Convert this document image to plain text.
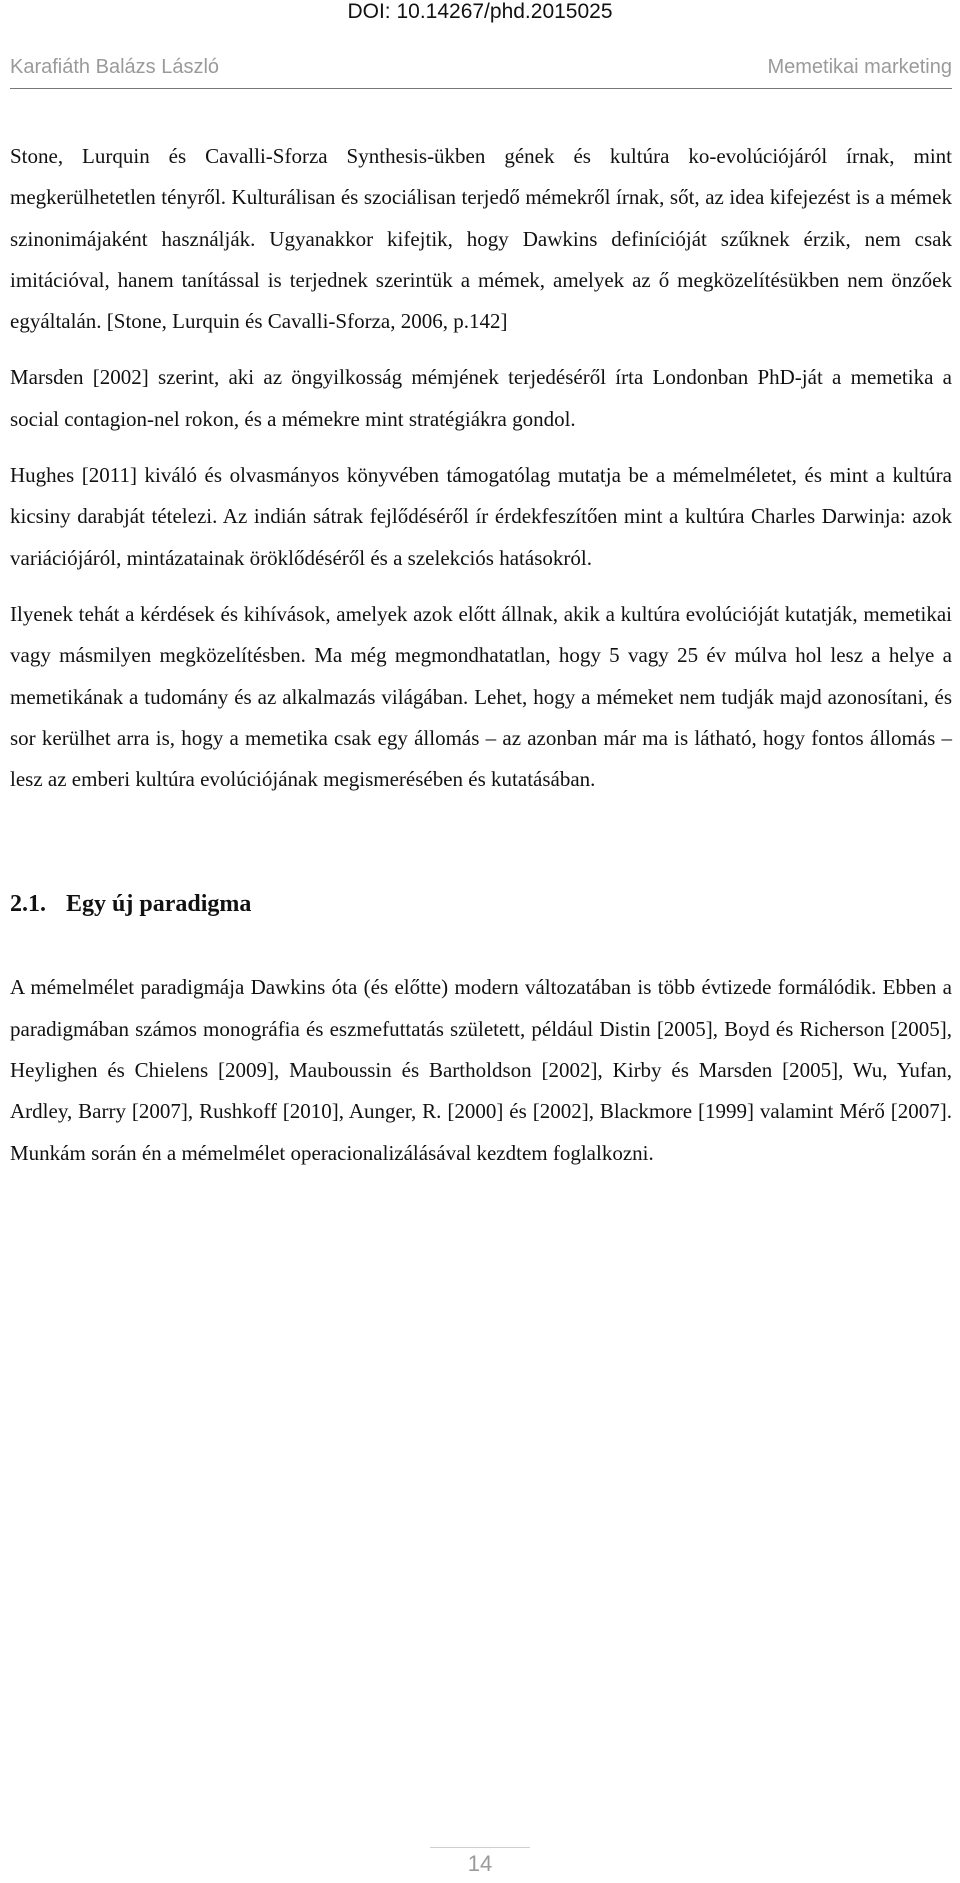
DOI: 10.14267/phd.2015025
Karafiáth Balázs László	Memetikai marketing

Stone, Lurquin és Cavalli-Sforza Synthesis-ükben gének és kultúra ko-evolúciójáról írnak, mint megkerülhetetlen tényről. Kulturálisan és szociálisan terjedő mémekről írnak, sőt, az idea kifejezést is a mémek szinonimájaként használják. Ugyanakkor kifejtik, hogy Dawkins definícióját szűknek érzik, nem csak imitációval, hanem tanítással is terjednek szerintük a mémek, amelyek az ő megközelítésükben nem önzőek egyáltalán. [Stone, Lurquin és Cavalli-Sforza, 2006, p.142]

Marsden [2002] szerint, aki az öngyilkosság mémjének terjedéséről írta Londonban PhD-ját a memetika a social contagion-nel rokon, és a mémekre mint stratégiákra gondol.

Hughes [2011] kiváló és olvasmányos könyvében támogatólag mutatja be a mémelméletet, és mint a kultúra kicsiny darabját tételezi. Az indián sátrak fejlődéséről ír érdekfeszítően mint a kultúra Charles Darwinja: azok variációjáról, mintázatainak öröklődéséről és a szelekciós hatásokról.

Ilyenek tehát a kérdések és kihívások, amelyek azok előtt állnak, akik a kultúra evolúcióját kutatják, memetikai vagy másmilyen megközelítésben. Ma még megmondhatatlan, hogy 5 vagy 25 év múlva hol lesz a helye a memetikának a tudomány és az alkalmazás világában. Lehet, hogy a mémeket nem tudják majd azonosítani, és sor kerülhet arra is, hogy a memetika csak egy állomás – az azonban már ma is látható, hogy fontos állomás – lesz az emberi kultúra evolúciójának megismerésében és kutatásában.

2.1. Egy új paradigma

A mémelmélet paradigmája Dawkins óta (és előtte) modern változatában is több évtizede formálódik. Ebben a paradigmában számos monográfia és eszmefuttatás született, például Distin [2005], Boyd és Richerson [2005], Heylighen és Chielens [2009], Mauboussin és Bartholdson [2002], Kirby és Marsden [2005], Wu, Yufan, Ardley, Barry [2007], Rushkoff [2010], Aunger, R. [2000] és [2002], Blackmore [1999] valamint Mérő [2007]. Munkám során én a mémelmélet operacionalizálásával kezdtem foglalkozni.

14
